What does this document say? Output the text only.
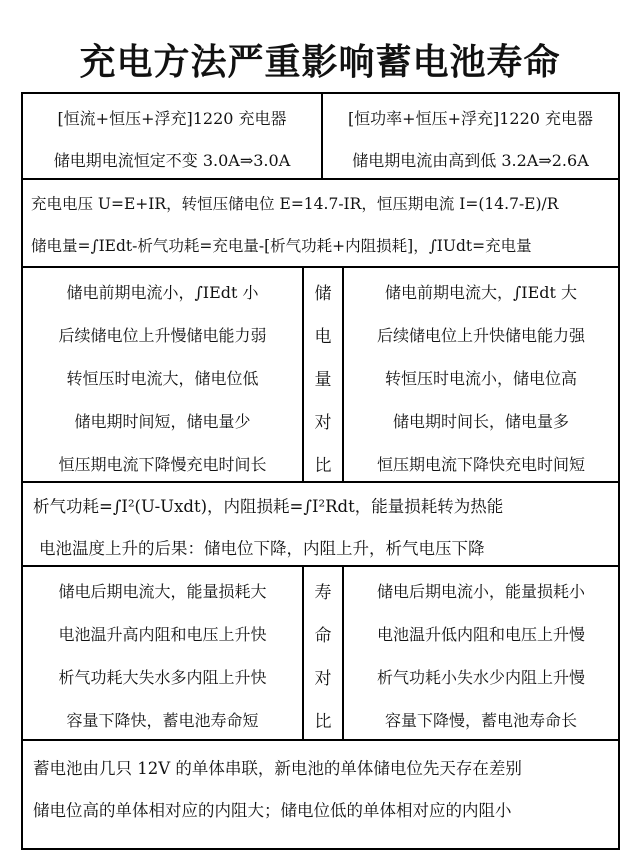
充电方法严重影响蓄电池寿命
[恒流+恒压+浮充]1220 充电器
储电期电流恒定不变 3.0A⇒3.0A
[恒功率+恒压+浮充]1220 充电器
储电期电流由高到低 3.2A⇒2.6A
充电电压 U=E+IR，转恒压储电位 E=14.7-IR，恒压期电流 I=(14.7-E)/R
储电量=∫IEdt-析气功耗=充电量-[析气功耗+内阻损耗]，∫IUdt=充电量
储电前期电流小，∫IEdt 小
后续储电位上升慢储电能力弱
转恒压时电流大，储电位低
储电期时间短，储电量少
恒压期电流下降慢充电时间长
储
电
量
对
比
储电前期电流大，∫IEdt 大
后续储电位上升快储电能力强
转恒压时电流小，储电位高
储电期时间长，储电量多
恒压期电流下降快充电时间短
析气功耗=∫I²(U-Uxdt)，内阻损耗=∫I²Rdt，能量损耗转为热能
电池温度上升的后果：储电位下降，内阻上升，析气电压下降
储电后期电流大，能量损耗大
电池温升高内阻和电压上升快
析气功耗大失水多内阻上升快
容量下降快，蓄电池寿命短
寿
命
对
比
储电后期电流小，能量损耗小
电池温升低内阻和电压上升慢
析气功耗小失水少内阻上升慢
容量下降慢，蓄电池寿命长
蓄电池由几只 12V 的单体串联，新电池的单体储电位先天存在差别
储电位高的单体相对应的内阻大；储电位低的单体相对应的内阻小
